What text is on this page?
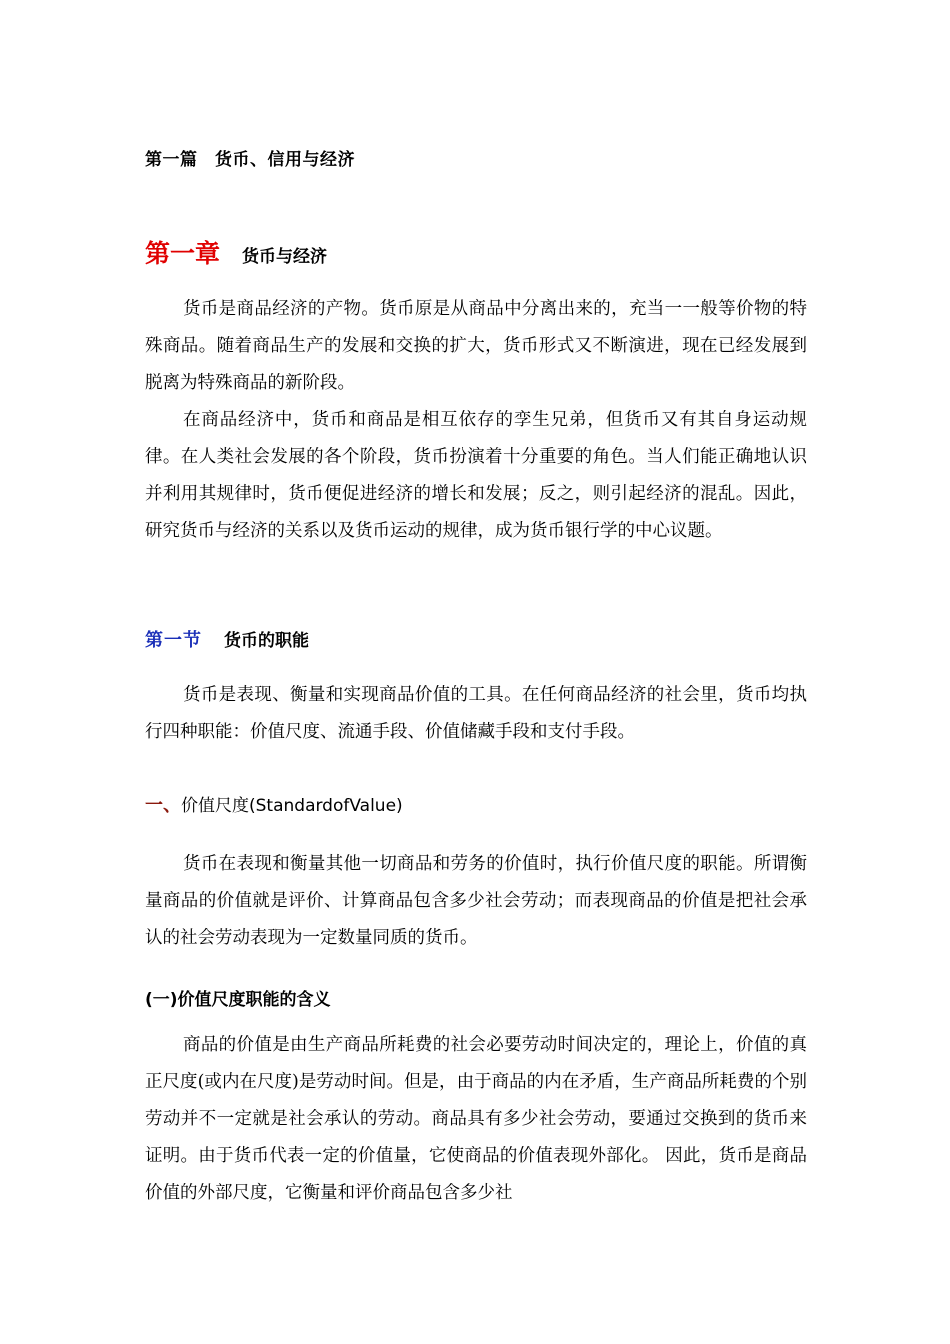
第一篇　货币、信用与经济
第一章 货币与经济

货币是商品经济的产物。货币原是从商品中分离出来的，充当一一般等价物的特殊商品。随着商品生产的发展和交换的扩大，货币形式又不断演进，现在已经发展到脱离为特殊商品的新阶段。

在商品经济中，货币和商品是相互依存的孪生兄弟，但货币又有其自身运动规律。在人类社会发展的各个阶段，货币扮演着十分重要的角色。当人们能正确地认识并利用其规律时，货币便促进经济的增长和发展；反之，则引起经济的混乱。因此，研究货币与经济的关系以及货币运动的规律，成为货币银行学的中心议题。

第一节 货币的职能

货币是表现、衡量和实现商品价值的工具。在任何商品经济的社会里，货币均执行四种职能：价值尺度、流通手段、价值储藏手段和支付手段。

一、价值尺度(StandardofValue)

货币在表现和衡量其他一切商品和劳务的价值时，执行价值尺度的职能。所谓衡量商品的价值就是评价、计算商品包含多少社会劳动；而表现商品的价值是把社会承认的社会劳动表现为一定数量同质的货币。

(一)价值尺度职能的含义

商品的价值是由生产商品所耗费的社会必要劳动时间决定的，理论上，价值的真正尺度(或内在尺度)是劳动时间。但是，由于商品的内在矛盾，生产商品所耗费的个别劳动并不一定就是社会承认的劳动。商品具有多少社会劳动，要通过交换到的货币来证明。由于货币代表一定的价值量，它使商品的价值表现外部化。 因此，货币是商品价值的外部尺度，它衡量和评价商品包含多少社
